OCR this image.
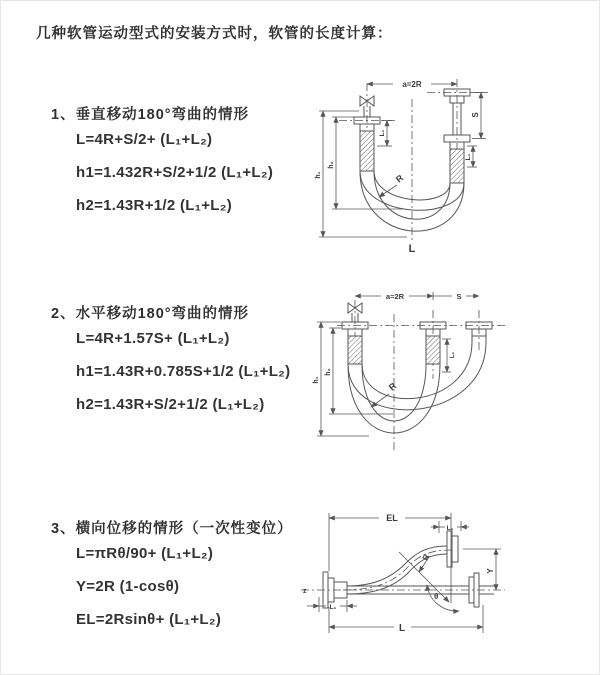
几种软管运动型式的安装方式时，软管的长度计算：
1、垂直移动180°弯曲的情形
L=4R+S/2+ (L₁+L₂)
h1=1.432R+S/2+1/2 (L₁+L₂)
h2=1.43R+1/2 (L₁+L₂)
2、水平移动180°弯曲的情形
L=4R+1.57S+ (L₁+L₂)
h1=1.43R+0.785S+1/2 (L₁+L₂)
h2=1.43R+S/2+1/2 (L₁+L₂)
3、横向位移的情形（一次性变位）
L=πRθ/90+ (L₁+L₂)
Y=2R (1-cosθ)
EL=2Rsinθ+ (L₁+L₂)
a=2R
S
L₁
L₁
h₁
h₂
R
L
a=2R	S
h₁
h₂
L₁
R
EL
L₁
L₁
Y
R
θ
L
z
